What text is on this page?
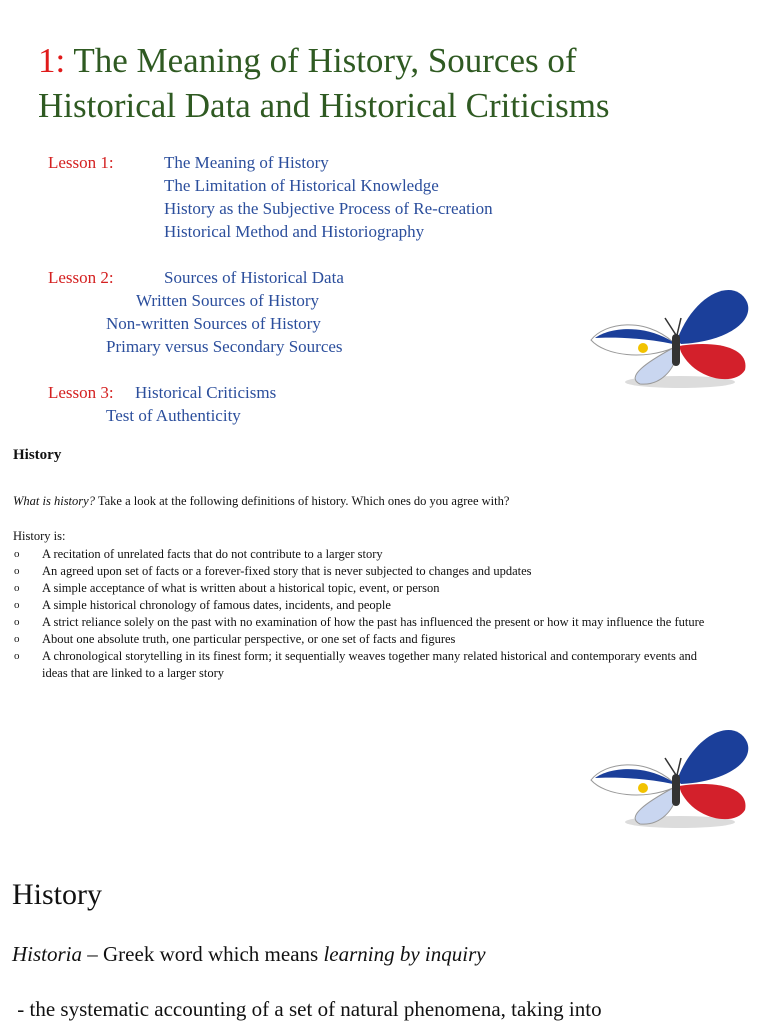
1: The Meaning of History, Sources of
Historical Data and Historical Criticisms
Lesson 1:	The Meaning of History
The Limitation of Historical Knowledge
History as the Subjective Process of Re-creation
Historical Method and Historiography
Lesson 2:	Sources of Historical Data
Written Sources of History
Non-written Sources of History
Primary versus Secondary Sources
Lesson 3: Historical Criticisms
Test of Authenticity
History
What is history? Take a look at the following definitions of history. Which ones do you agree with?
History is:
o A recitation of unrelated facts that do not contribute to a larger story
o An agreed upon set of facts or a forever-fixed story that is never subjected to changes and updates
o A simple acceptance of what is written about a historical topic, event, or person
o A simple historical chronology of famous dates, incidents, and people
o A strict reliance solely on the past with no examination of how the past has influenced the present or how it may influence the future
o About one absolute truth, one particular perspective, or one set of facts and figures
o A chronological storytelling in its finest form; it sequentially weaves together many related historical and contemporary events and ideas that are linked to a larger story
History
Historia – Greek word which means learning by inquiry
- the systematic accounting of a set of natural phenomena, taking into
